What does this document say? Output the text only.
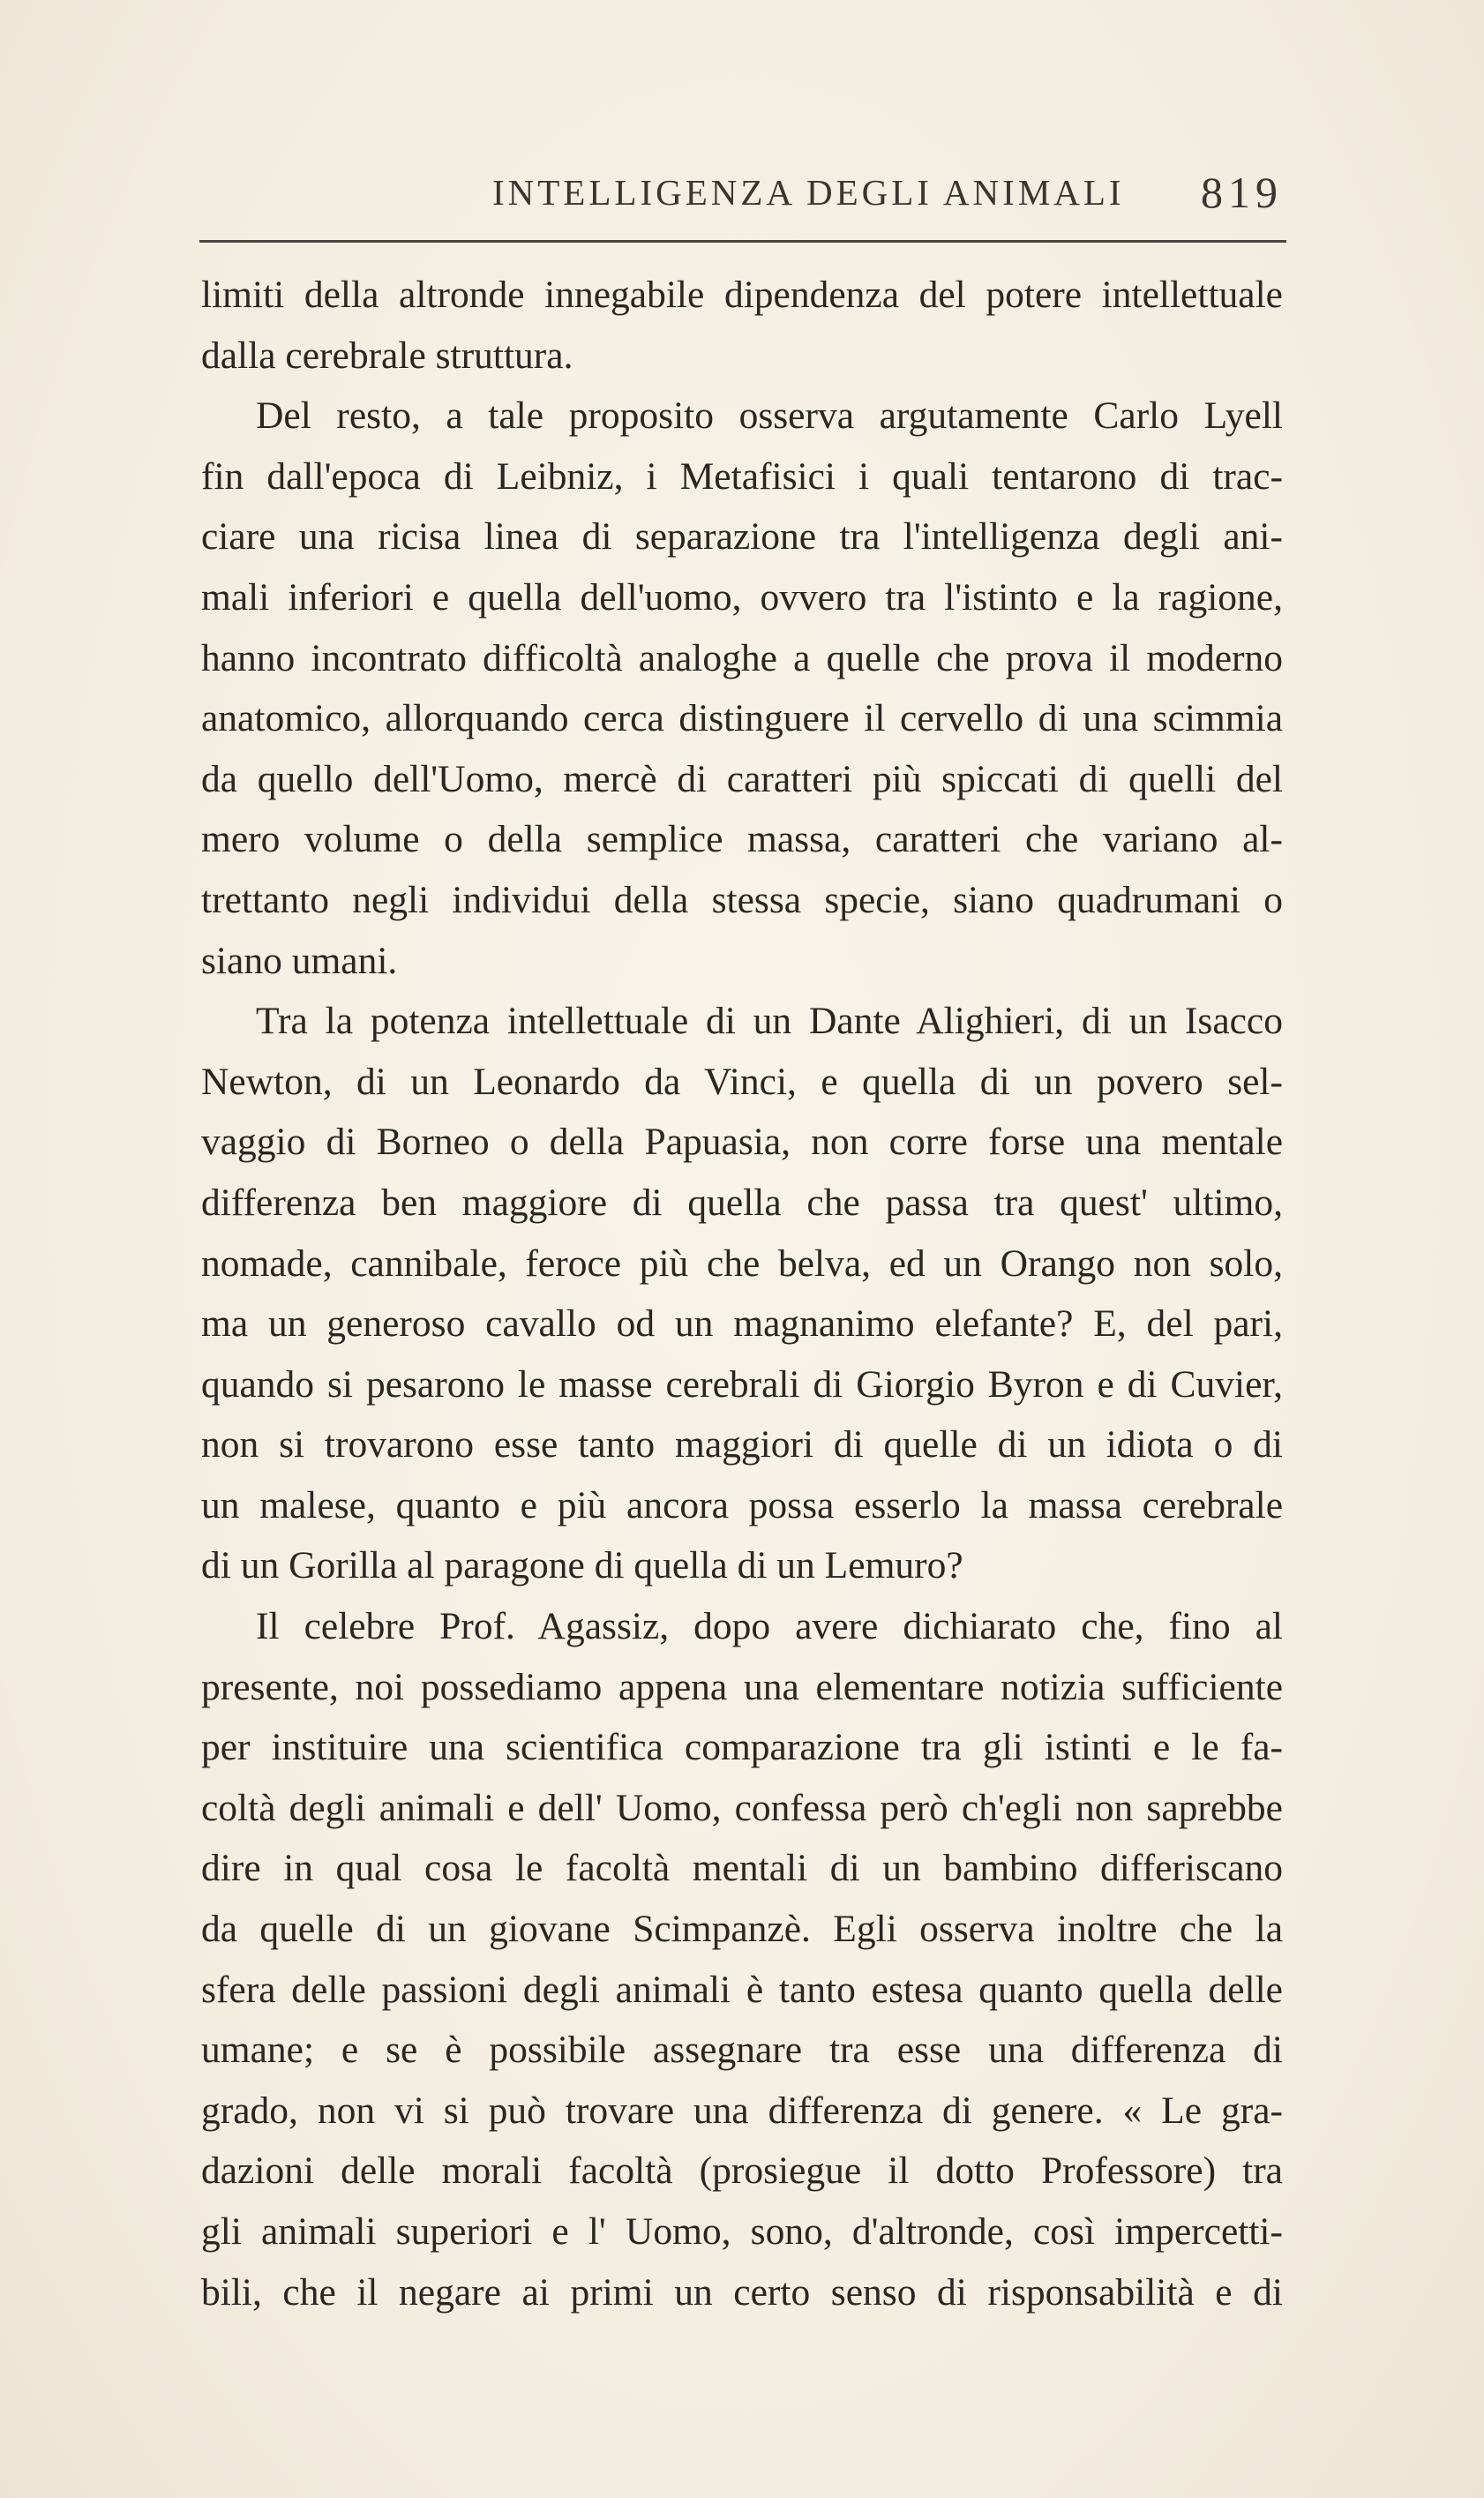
INTELLIGENZA DEGLI ANIMALI 819
limiti della altronde innegabile dipendenza del potere intellettuale
dalla cerebrale struttura.
Del resto, a tale proposito osserva argutamente Carlo Lyell
fin dall'epoca di Leibniz, i Metafisici i quali tentarono di trac-
ciare una ricisa linea di separazione tra l'intelligenza degli ani-
mali inferiori e quella dell'uomo, ovvero tra l'istinto e la ragione,
hanno incontrato difficoltà analoghe a quelle che prova il moderno
anatomico, allorquando cerca distinguere il cervello di una scimmia
da quello dell'Uomo, mercè di caratteri più spiccati di quelli del
mero volume o della semplice massa, caratteri che variano al-
trettanto negli individui della stessa specie, siano quadrumani o
siano umani.
Tra la potenza intellettuale di un Dante Alighieri, di un Isacco
Newton, di un Leonardo da Vinci, e quella di un povero sel-
vaggio di Borneo o della Papuasia, non corre forse una mentale
differenza ben maggiore di quella che passa tra quest' ultimo,
nomade, cannibale, feroce più che belva, ed un Orango non solo,
ma un generoso cavallo od un magnanimo elefante? E, del pari,
quando si pesarono le masse cerebrali di Giorgio Byron e di Cuvier,
non si trovarono esse tanto maggiori di quelle di un idiota o di
un malese, quanto e più ancora possa esserlo la massa cerebrale
di un Gorilla al paragone di quella di un Lemuro?
Il celebre Prof. Agassiz, dopo avere dichiarato che, fino al
presente, noi possediamo appena una elementare notizia sufficiente
per instituire una scientifica comparazione tra gli istinti e le fa-
coltà degli animali e dell' Uomo, confessa però ch'egli non saprebbe
dire in qual cosa le facoltà mentali di un bambino differiscano
da quelle di un giovane Scimpanzè. Egli osserva inoltre che la
sfera delle passioni degli animali è tanto estesa quanto quella delle
umane; e se è possibile assegnare tra esse una differenza di
grado, non vi si può trovare una differenza di genere. « Le gra-
dazioni delle morali facoltà (prosiegue il dotto Professore) tra
gli animali superiori e l' Uomo, sono, d'altronde, così impercetti-
bili, che il negare ai primi un certo senso di risponsabilità e di
